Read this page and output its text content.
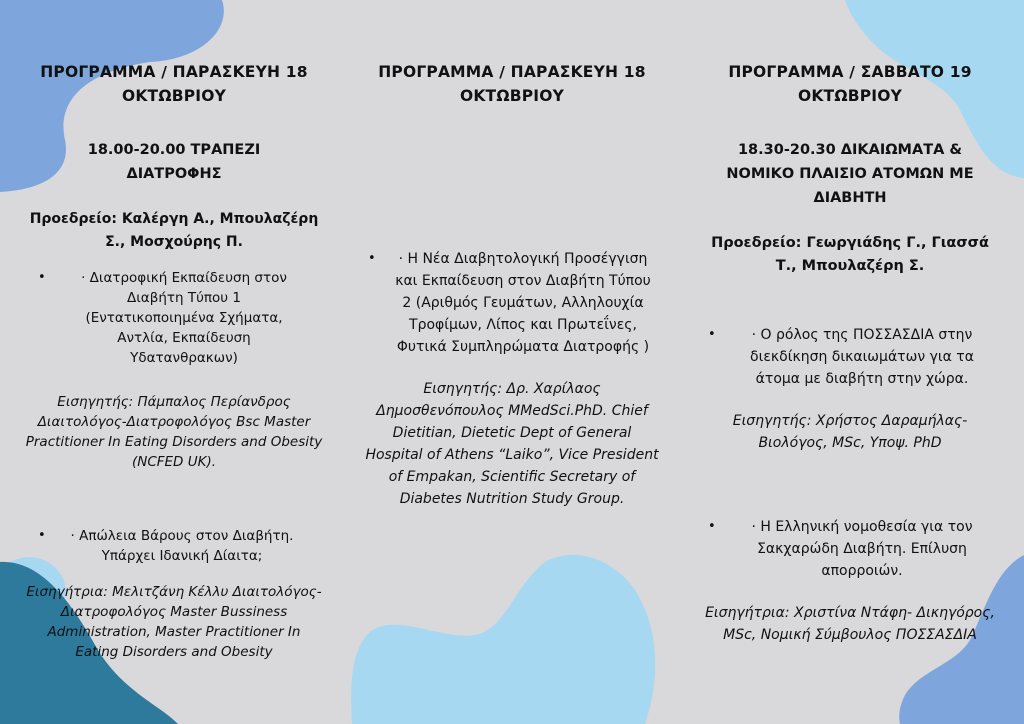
ΠΡΟΓΡΑΜΜΑ / ΠΑΡΑΣΚΕΥΗ 18 ΟΚΤΩΒΡΙΟΥ

18.00-20.00 ΤΡΑΠΕΖΙ ΔΙΑΤΡΟΦΗΣ

Προεδρείο: Καλέργη Α., Μπουλαζέρη Σ., Μοσχούρης Π.

•	· Διατροφική Εκπαίδευση στον Διαβήτη Τύπου 1 (Εντατικοποιημένα Σχήματα, Αντλία, Εκπαίδευση Υδατανθρακων)

Εισηγητής: Πάμπαλος Περίανδρος Διαιτολόγος-Διατροφολόγος Bsc Master Practitioner In Eating Disorders and Obesity (NCFED UK).

• · Απώλεια Βάρους στον Διαβήτη. Υπάρχει Ιδανική Δίαιτα;

Εισηγήτρια: Μελιτζάνη Κέλλυ Διαιτολόγος- Διατροφολόγος Master Bussiness Administration, Master Practitioner In Eating Disorders and Obesity

ΠΡΟΓΡΑΜΜΑ / ΠΑΡΑΣΚΕΥΗ 18 ΟΚΤΩΒΡΙΟΥ

• · Η Νέα Διαβητολογική Προσέγγιση και Εκπαίδευση στον Διαβήτη Τύπου 2 (Αριθμός Γευμάτων, Αλληλουχία Τροφίμων, Λίπος και Πρωτεΐνες, Φυτικά Συμπληρώματα Διατροφής )

Εισηγητής: Δρ. Χαρίλαος Δημοσθενόπουλος MMedSci.PhD. Chief Dietitian, Dietetic Dept of General Hospital of Athens “Laiko”, Vice President of Empakan, Scientific Secretary of Diabetes Nutrition Study Group.

ΠΡΟΓΡΑΜΜΑ / ΣΑΒΒΑΤΟ 19 ΟΚΤΩΒΡΙΟΥ

18.30-20.30 ΔΙΚΑΙΩΜΑΤΑ & ΝΟΜΙΚΟ ΠΛΑΙΣΙΟ ΑΤΟΜΩΝ ΜΕ ΔΙΑΒΗΤΗ

Προεδρείο: Γεωργιάδης Γ., Γιασσά Τ., Μπουλαζέρη Σ.

•	· Ο ρόλος της ΠΟΣΣΑΣΔΙΑ στην διεκδίκηση δικαιωμάτων για τα άτομα με διαβήτη στην χώρα.

Εισηγητής: Χρήστος Δαραμήλας- Βιολόγος, MSc, Υποψ. PhD

•	· Η Ελληνική νομοθεσία για τον Σακχαρώδη Διαβήτη. Επίλυση απορροιών.

Εισηγήτρια: Χριστίνα Ντάφη- Δικηγόρος, MSc, Νομική Σύμβουλος ΠΟΣΣΑΣΔΙΑ
